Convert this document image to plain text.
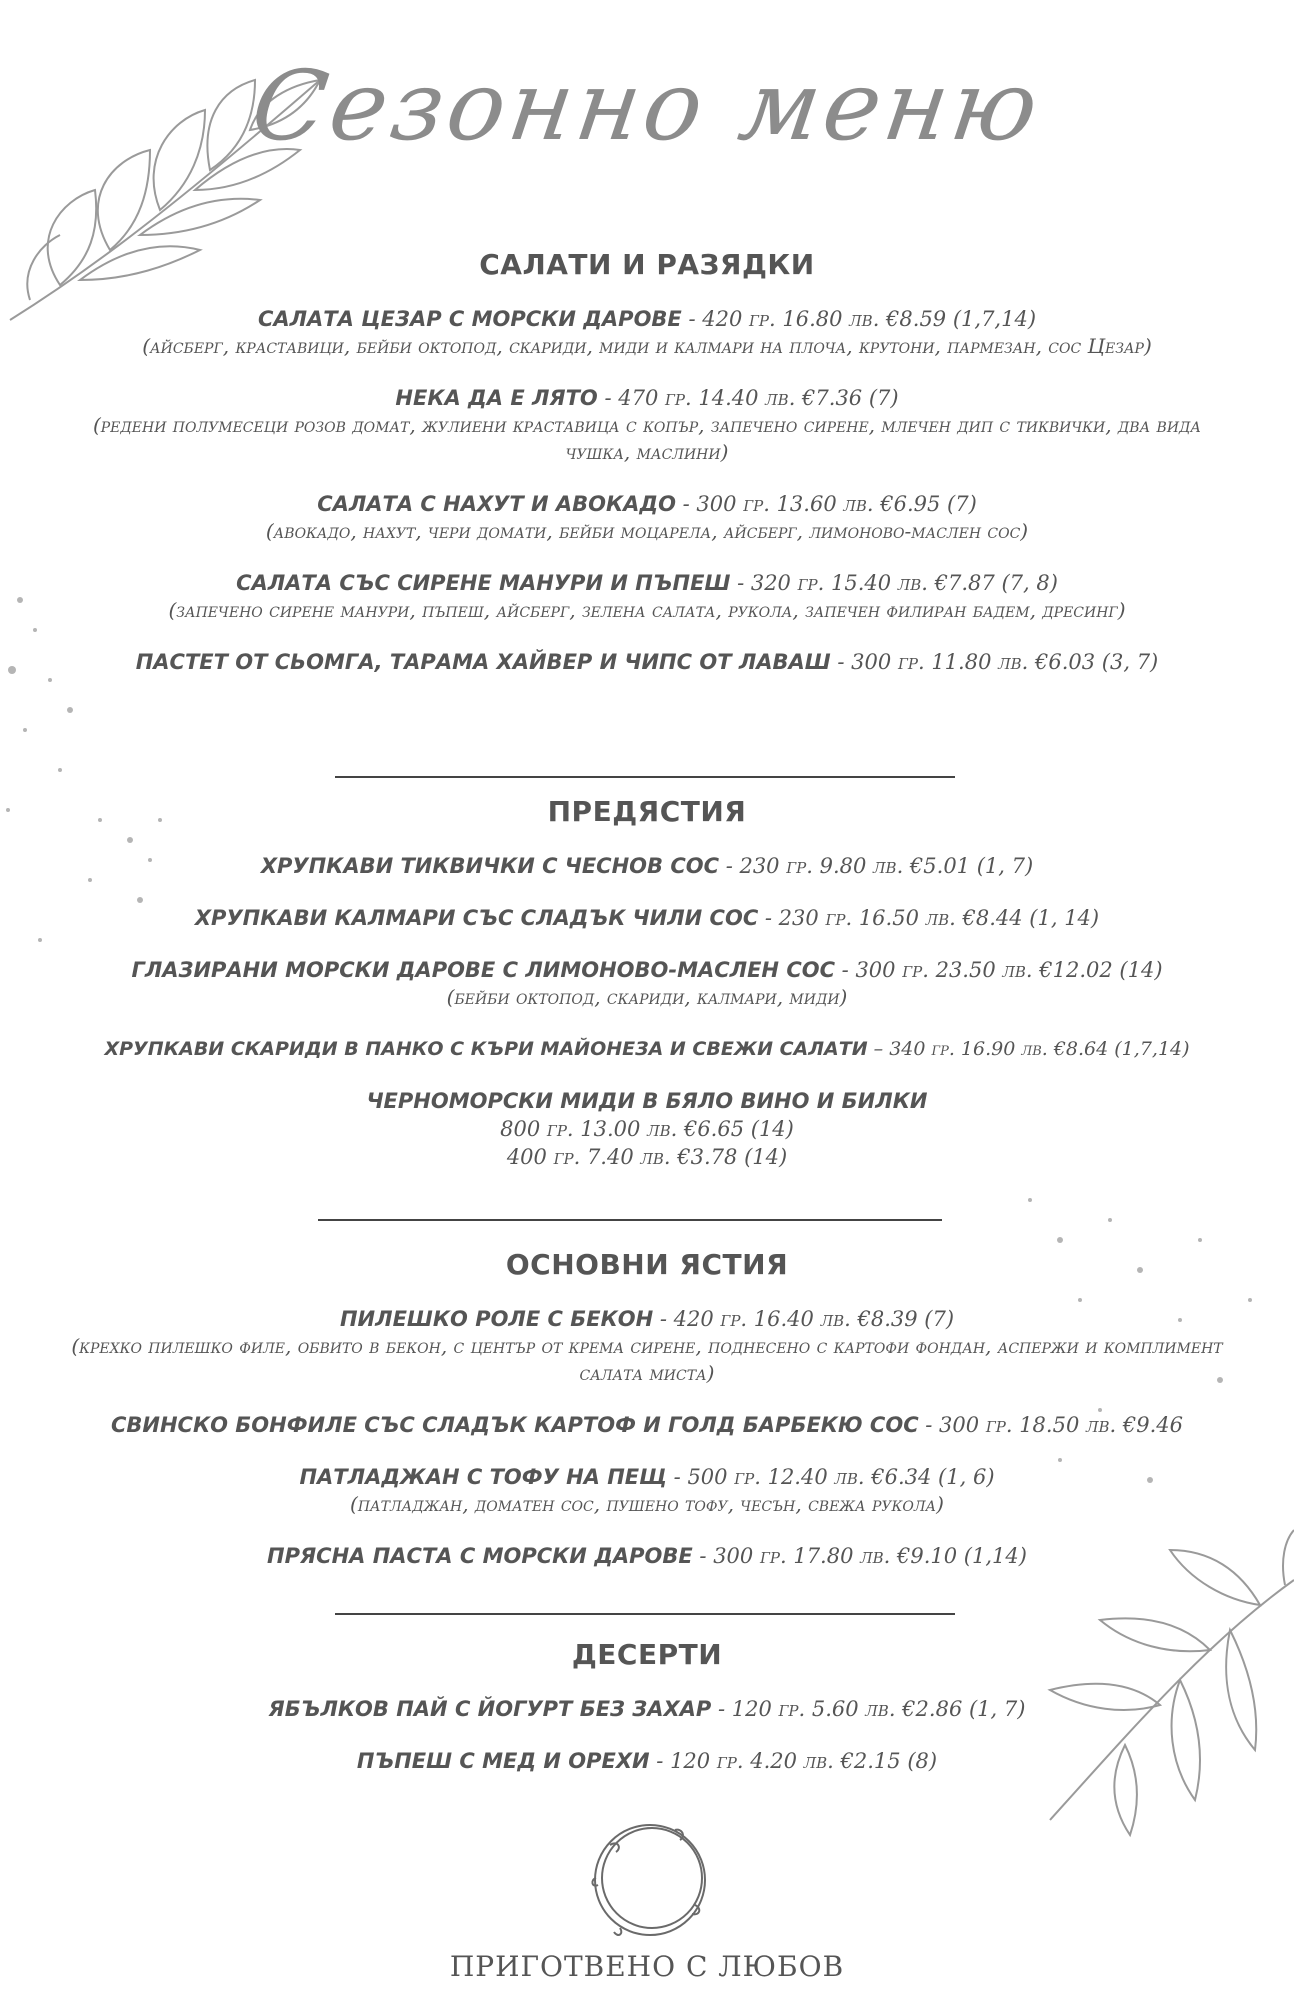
Сезонно меню
САЛАТИ И РАЗЯДКИ
САЛАТА ЦЕЗАР С МОРСКИ ДАРОВЕ - 420 гр. 16.80 лв. €8.59 (1,7,14)
(айсберг, краставици, бейби октопод, скариди, миди и калмари на плоча, крутони, пармезан, сос Цезар)
НЕКА ДА Е ЛЯТО - 470 гр. 14.40 лв. €7.36 (7)
(редени полумесеци розов домат, жулиени краставица с копър, запечено сирене, млечен дип с тиквички, два вида чушка, маслини)
САЛАТА С НАХУТ И АВОКАДО - 300 гр. 13.60 лв. €6.95 (7)
(авокадо, нахут, чери домати, бейби моцарела, айсберг, лимоново-маслен сос)
САЛАТА СЪС СИРЕНЕ МАНУРИ И ПЪПЕШ - 320 гр. 15.40 лв. €7.87 (7, 8)
(запечено сирене манури, пъпеш, айсберг, зелена салата, рукола, запечен филиран бадем, дресинг)
ПАСТЕТ ОТ СЬОМГА, ТАРАМА ХАЙВЕР И ЧИПС ОТ ЛАВАШ - 300 гр. 11.80 лв. €6.03 (3, 7)
ПРЕДЯСТИЯ
ХРУПКАВИ ТИКВИЧКИ С ЧЕСНОВ СОС - 230 гр. 9.80 лв. €5.01 (1, 7)
ХРУПКАВИ КАЛМАРИ СЪС СЛАДЪК ЧИЛИ СОС - 230 гр. 16.50 лв. €8.44 (1, 14)
ГЛАЗИРАНИ МОРСКИ ДАРОВЕ С ЛИМОНОВО-МАСЛЕН СОС - 300 гр. 23.50 лв. €12.02 (14)
(бейби октопод, скариди, калмари, миди)
ХРУПКАВИ СКАРИДИ В ПАНКО С КЪРИ МАЙОНЕЗА И СВЕЖИ САЛАТИ – 340 гр. 16.90 лв. €8.64 (1,7,14)
ЧЕРНОМОРСКИ МИДИ В БЯЛО ВИНО И БИЛКИ
800 гр. 13.00 лв. €6.65 (14)
400 гр. 7.40 лв. €3.78 (14)
ОСНОВНИ ЯСТИЯ
ПИЛЕШКО РОЛЕ С БЕКОН - 420 гр. 16.40 лв. €8.39 (7)
(крехко пилешко филе, обвито в бекон, с център от крема сирене, поднесено с картофи фондан, аспержи и комплимент салата миста)
СВИНСКО БОНФИЛЕ СЪС СЛАДЪК КАРТОФ И ГОЛД БАРБЕКЮ СОС - 300 гр. 18.50 лв. €9.46
ПАТЛАДЖАН С ТОФУ НА ПЕЩ - 500 гр. 12.40 лв. €6.34 (1, 6)
(патладжан, доматен сос, пушено тофу, чесън, свежа рукола)
ПРЯСНА ПАСТА С МОРСКИ ДАРОВЕ - 300 гр. 17.80 лв. €9.10 (1,14)
ДЕСЕРТИ
ЯБЪЛКОВ ПАЙ С ЙОГУРТ БЕЗ ЗАХАР - 120 гр. 5.60 лв. €2.86 (1, 7)
ПЪПЕШ С МЕД И ОРЕХИ - 120 гр. 4.20 лв. €2.15 (8)
ПРИГОТВЕНО С ЛЮБОВ
